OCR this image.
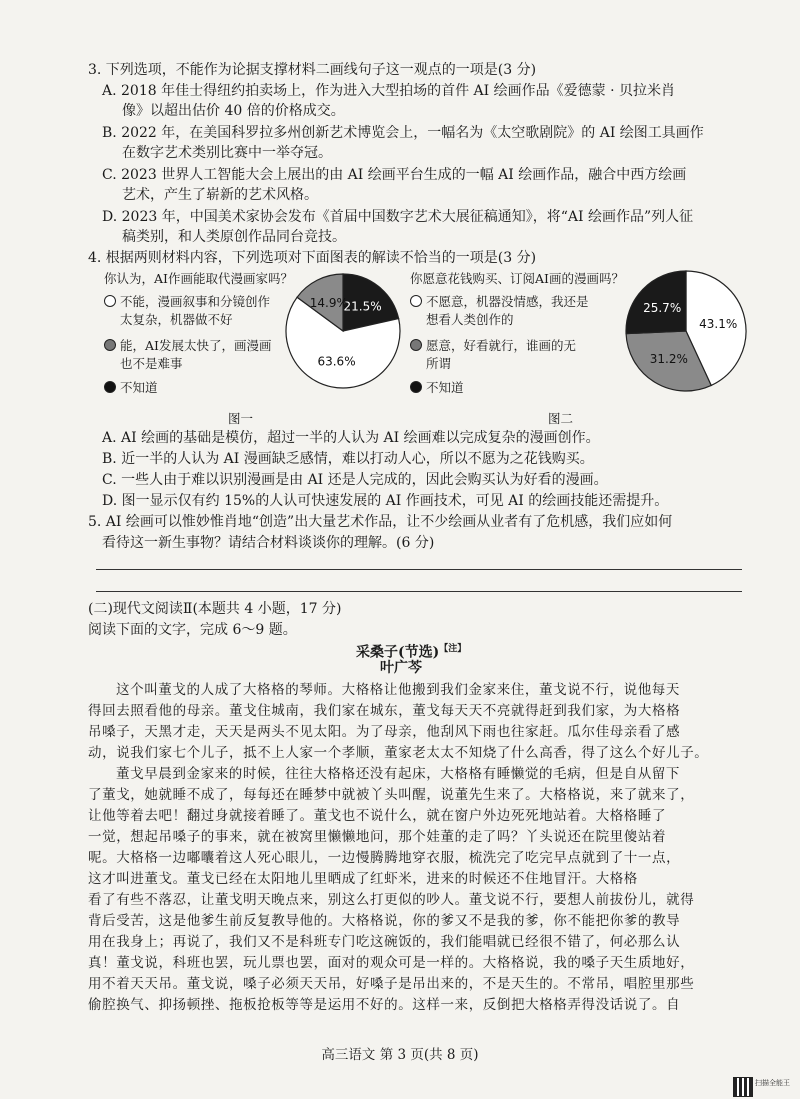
3. 下列选项，不能作为论据支撑材料二画线句子这一观点的一项是(3 分)
A. 2018 年佳士得纽约拍卖场上，作为进入大型拍场的首件 AI 绘画作品《爱德蒙 · 贝拉米肖
像》以超出估价 40 倍的价格成交。
B. 2022 年，在美国科罗拉多州创新艺术博览会上，一幅名为《太空歌剧院》的 AI 绘图工具画作
在数字艺术类别比赛中一举夺冠。
C. 2023 世界人工智能大会上展出的由 AI 绘画平台生成的一幅 AI 绘画作品，融合中西方绘画
艺术，产生了崭新的艺术风格。
D. 2023 年，中国美术家协会发布《首届中国数字艺术大展征稿通知》，将“AI 绘画作品”列人征
稿类别，和人类原创作品同台竞技。
4. 根据两则材料内容，下列选项对下面图表的解读不恰当的一项是(3 分)
你认为，AI作画能取代漫画家吗？
不能，漫画叙事和分镜创作
太复杂，机器做不好
能，AI发展太快了，画漫画
也不是难事
不知道
21.5%
63.6%
14.9%
图一
你愿意花钱购买、订阅AI画的漫画吗？
不愿意，机器没情感，我还是
想看人类创作的
愿意，好看就行，谁画的无
所谓
不知道
43.1%
31.2%
25.7%
图二
A. AI 绘画的基础是模仿，超过一半的人认为 AI 绘画难以完成复杂的漫画创作。
B. 近一半的人认为 AI 漫画缺乏感情，难以打动人心，所以不愿为之花钱购买。
C. 一些人由于难以识别漫画是由 AI 还是人完成的，因此会购买认为好看的漫画。
D. 图一显示仅有约 15%的人认可快速发展的 AI 作画技术，可见 AI 的绘画技能还需提升。
5. AI 绘画可以惟妙惟肖地“创造”出大量艺术作品，让不少绘画从业者有了危机感，我们应如何
看待这一新生事物？请结合材料谈谈你的理解。(6 分)
(二)现代文阅读Ⅱ(本题共 4 小题，17 分)
阅读下面的文字，完成 6～9 题。
采桑子(节选)$^{【注】}$
叶广芩
这个叫董戈的人成了大格格的琴师。大格格让他搬到我们金家来住，董戈说不行，说他每天
得回去照看他的母亲。董戈住城南，我们家在城东，董戈每天天不亮就得赶到我们家，为大格格
吊嗓子，天黑才走，天天是两头不见太阳。为了母亲，他刮风下雨也往家赶。瓜尔佳母亲看了感
动，说我们家七个儿子，抵不上人家一个孝顺，董家老太太不知烧了什么高香，得了这么个好儿子。
董戈早晨到金家来的时候，往往大格格还没有起床，大格格有睡懒觉的毛病，但是自从留下
了董戈，她就睡不成了，每每还在睡梦中就被丫头叫醒，说董先生来了。大格格说，来了就来了，
让他等着去吧！翻过身就接着睡了。董戈也不说什么，就在窗户外边死死地站着。大格格睡了
一觉，想起吊嗓子的事来，就在被窝里懒懒地问，那个娃董的走了吗？丫头说还在院里傻站着
呢。大格格一边嘟囔着这人死心眼儿，一边慢腾腾地穿衣服，梳洗完了吃完早点就到了十一点，
这才叫进董戈。董戈已经在太阳地儿里晒成了红虾米，进来的时候还不住地冒汗。大格格
看了有些不落忍，让董戈明天晚点来，别这么打更似的吵人。董戈说不行，要想人前拔份儿，就得
背后受苦，这是他爹生前反复教导他的。大格格说，你的爹又不是我的爹，你不能把你爹的教导
用在我身上；再说了，我们又不是科班专门吃这碗饭的，我们能唱就已经很不错了，何必那么认
真！董戈说，科班也罢，玩儿票也罢，面对的观众可是一样的。大格格说，我的嗓子天生质地好，
用不着天天吊。董戈说，嗓子必须天天吊，好嗓子是吊出来的，不是天生的。不常吊，唱腔里那些
偷腔换气、抑扬顿挫、拖板抢板等等是运用不好的。这样一来，反倒把大格格弄得没话说了。自
高三语文 第 3 页(共 8 页)
扫描全能王
